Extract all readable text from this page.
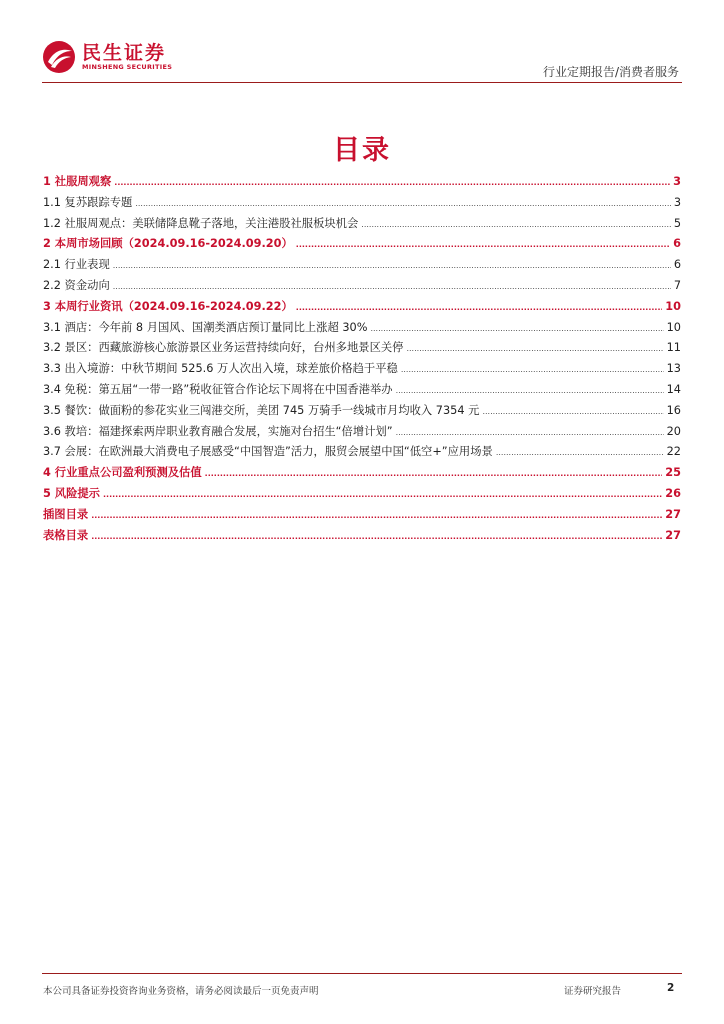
民生证券
MINSHENG SECURITIES	行业定期报告/消费者服务
目录
1 社服周观察 .....	3
1.1 复苏跟踪专题 .....	3
1.2 社服周观点：美联储降息靴子落地，关注港股社服板块机会 .....	5
2 本周市场回顾（2024.09.16-2024.09.20） .....	6
2.1 行业表现 .....	6
2.2 资金动向 .....	7
3 本周行业资讯（2024.09.16-2024.09.22） .....	10
3.1 酒店：今年前 8 月国风、国潮类酒店预订量同比上涨超 30% .....	10
3.2 景区：西藏旅游核心旅游景区业务运营持续向好，台州多地景区关停 .....	11
3.3 出入境游：中秋节期间 525.6 万人次出入境，球差旅价格趋于平稳 .....	13
3.4 免税：第五届“一带一路”税收征管合作论坛下周将在中国香港举办 .....	14
3.5 餐饮：做面粉的参花实业三闯港交所，美团 745 万骑手一线城市月均收入 7354 元 .....	16
3.6 教培：福建探索两岸职业教育融合发展，实施对台招生“倍增计划” .....	20
3.7 会展：在欧洲最大消费电子展感受“中国智造”活力，服贸会展望中国“低空+”应用场景 .....	22
4 行业重点公司盈利预测及估值 .....	25
5 风险提示 .....	26
插图目录 .....	27
表格目录 .....	27
本公司具备证券投资咨询业务资格，请务必阅读最后一页免责声明	证券研究报告	2
